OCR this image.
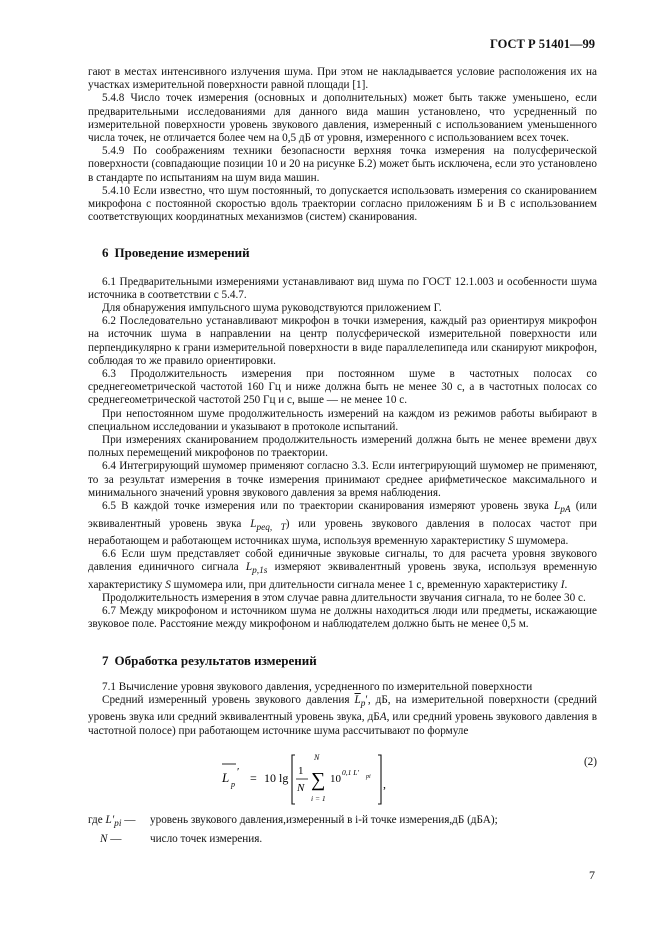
ГОСТ Р 51401—99

гают в местах интенсивного излучения шума. При этом не накладывается условие расположения их на участках измерительной поверхности равной площади [1].

5.4.8 Число точек измерения (основных и дополнительных) может быть также уменьшено, если предварительными исследованиями для данного вида машин установлено, что усредненный по измерительной поверхности уровень звукового давления, измеренный с использованием уменьшенного числа точек, не отличается более чем на 0,5 дБ от уровня, измеренного с использованием всех точек.

5.4.9 По соображениям техники безопасности верхняя точка измерения на полусферической поверхности (совпадающие позиции 10 и 20 на рисунке Б.2) может быть исключена, если это установлено в стандарте по испытаниям на шум вида машин.

5.4.10 Если известно, что шум постоянный, то допускается использовать измерения со сканированием микрофона с постоянной скоростью вдоль траектории согласно приложениям Б и В с использованием соответствующих координатных механизмов (систем) сканирования.

6 Проведение измерений

6.1 Предварительными измерениями устанавливают вид шума по ГОСТ 12.1.003 и особенности шума источника в соответствии с 5.4.7.

Для обнаружения импульсного шума руководствуются приложением Г.

6.2 Последовательно устанавливают микрофон в точки измерения, каждый раз ориентируя микрофон на источник шума в направлении на центр полусферической измерительной поверхности или перпендикулярно к грани измерительной поверхности в виде параллелепипеда или сканируют микрофон, соблюдая то же правило ориентировки.

6.3 Продолжительность измерения при постоянном шуме в частотных полосах со среднегеометрической частотой 160 Гц и ниже должна быть не менее 30 с, а в частотных полосах со среднегеометрической частотой 250 Гц и с, выше — не менее 10 с.

При непостоянном шуме продолжительность измерений на каждом из режимов работы выбирают в специальном исследовании и указывают в протоколе испытаний.

При измерениях сканированием продолжительность измерений должна быть не менее времени двух полных перемещений микрофонов по траектории.

6.4 Интегрирующий шумомер применяют согласно 3.3. Если интегрирующий шумомер не применяют, то за результат измерения в точке измерения принимают среднее арифметическое максимального и минимального значений уровня звукового давления за время наблюдения.

6.5 В каждой точке измерения или по траектории сканирования измеряют уровень звука $L_{pA}$ (или эквивалентный уровень звука $L_{peq, T}$) или уровень звукового давления в полосах частот при неработающем и работающем источниках шума, используя временную характеристику S шумомера.

6.6 Если шум представляет собой единичные звуковые сигналы, то для расчета уровня звукового давления единичного сигнала $L_{p,1s}$ измеряют эквивалентный уровень звука, используя временную характеристику S шумомера или, при длительности сигнала менее 1 с, временную характеристику I.

Продолжительность измерения в этом случае равна длительности звучания сигнала, то не более 30 с.

6.7 Между микрофоном и источником шума не должны находиться люди или предметы, искажающие звуковое поле. Расстояние между микрофоном и наблюдателем должно быть не менее 0,5 м.

7 Обработка результатов измерений

7.1 Вычисление уровня звукового давления, усредненного по измерительной поверхности

Средний измеренный уровень звукового давления $\overline{L}_p'$, дБ, на измерительной поверхности (средний уровень звука или средний эквивалентный уровень звука, дБА, или средний уровень звукового давления в частотной полосе) при работающем источнике шума рассчитывают по формуле

L p
′ = 10 lg 1
N
N
∑
i = 1
10
0,1 L′ pi ,
(2)
где $L'_{pi}$ —	уровень звукового давления,измеренный в i-й точке измерения,дБ (дБА);
N —	число точек измерения.
7
